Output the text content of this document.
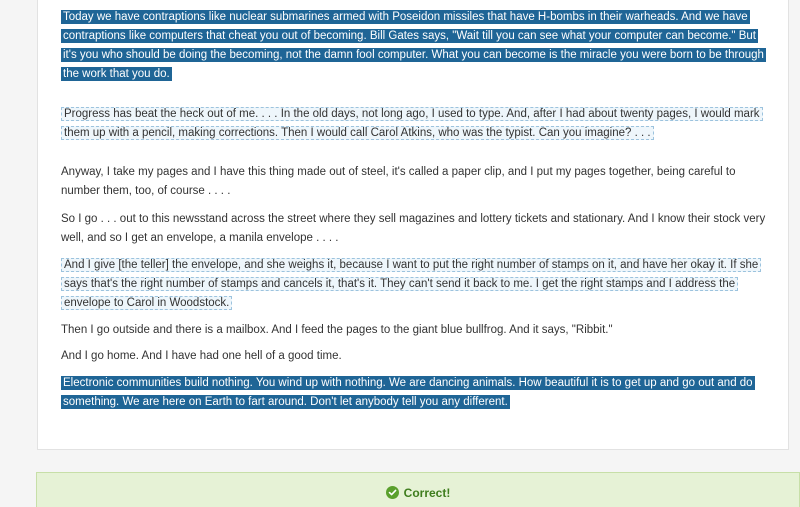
Today we have contraptions like nuclear submarines armed with Poseidon missiles that have H-bombs in their warheads. And we have contraptions like computers that cheat you out of becoming. Bill Gates says, "Wait till you can see what your computer can become." But it's you who should be doing the becoming, not the damn fool computer. What you can become is the miracle you were born to be through the work that you do.

Progress has beat the heck out of me. . . . In the old days, not long ago, I used to type. And, after I had about twenty pages, I would mark them up with a pencil, making corrections. Then I would call Carol Atkins, who was the typist. Can you imagine? . . .

Anyway, I take my pages and I have this thing made out of steel, it's called a paper clip, and I put my pages together, being careful to number them, too, of course . . . .

So I go . . . out to this newsstand across the street where they sell magazines and lottery tickets and stationary. And I know their stock very well, and so I get an envelope, a manila envelope . . . .

And I give [the teller] the envelope, and she weighs it, because I want to put the right number of stamps on it, and have her okay it. If she says that's the right number of stamps and cancels it, that's it. They can't send it back to me. I get the right stamps and I address the envelope to Carol in Woodstock.

Then I go outside and there is a mailbox. And I feed the pages to the giant blue bullfrog. And it says, "Ribbit."

And I go home. And I have had one hell of a good time.

Electronic communities build nothing. You wind up with nothing. We are dancing animals. How beautiful it is to get up and go out and do something. We are here on Earth to fart around. Don't let anybody tell you any different.

Correct!
